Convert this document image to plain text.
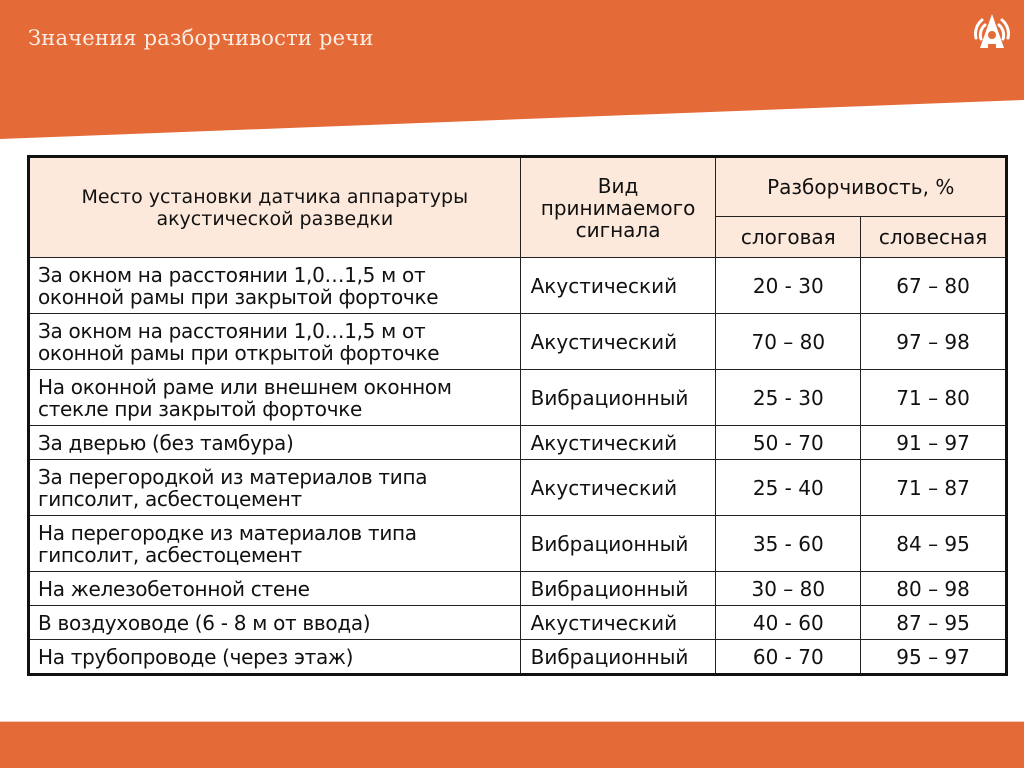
Значения разборчивости речи
Место установки датчика аппаратуры акустической разведки	Вид принимаемого сигнала	Разборчивость, %	
		слоговая	словесная
За окном на расстоянии 1,0…1,5 м от оконной рамы при закрытой форточке	Акустический	20 - 30	67 – 80
За окном на расстоянии 1,0…1,5 м от оконной рамы при открытой форточке	Акустический	70 – 80	97 – 98
На оконной раме или внешнем оконном стекле при закрытой форточке	Вибрационный	25 - 30	71 – 80
За дверью (без тамбура)	Акустический	50 - 70	91 – 97
За перегородкой из материалов типа гипсолит, асбестоцемент	Акустический	25 - 40	71 – 87
На перегородке из материалов типа гипсолит, асбестоцемент	Вибрационный	35 - 60	84 – 95
На железобетонной стене	Вибрационный	30 – 80	80 – 98
В воздуховоде (6 - 8 м от ввода)	Акустический	40 - 60	87 – 95
На трубопроводе (через этаж)	Вибрационный	60 - 70	95 – 97
